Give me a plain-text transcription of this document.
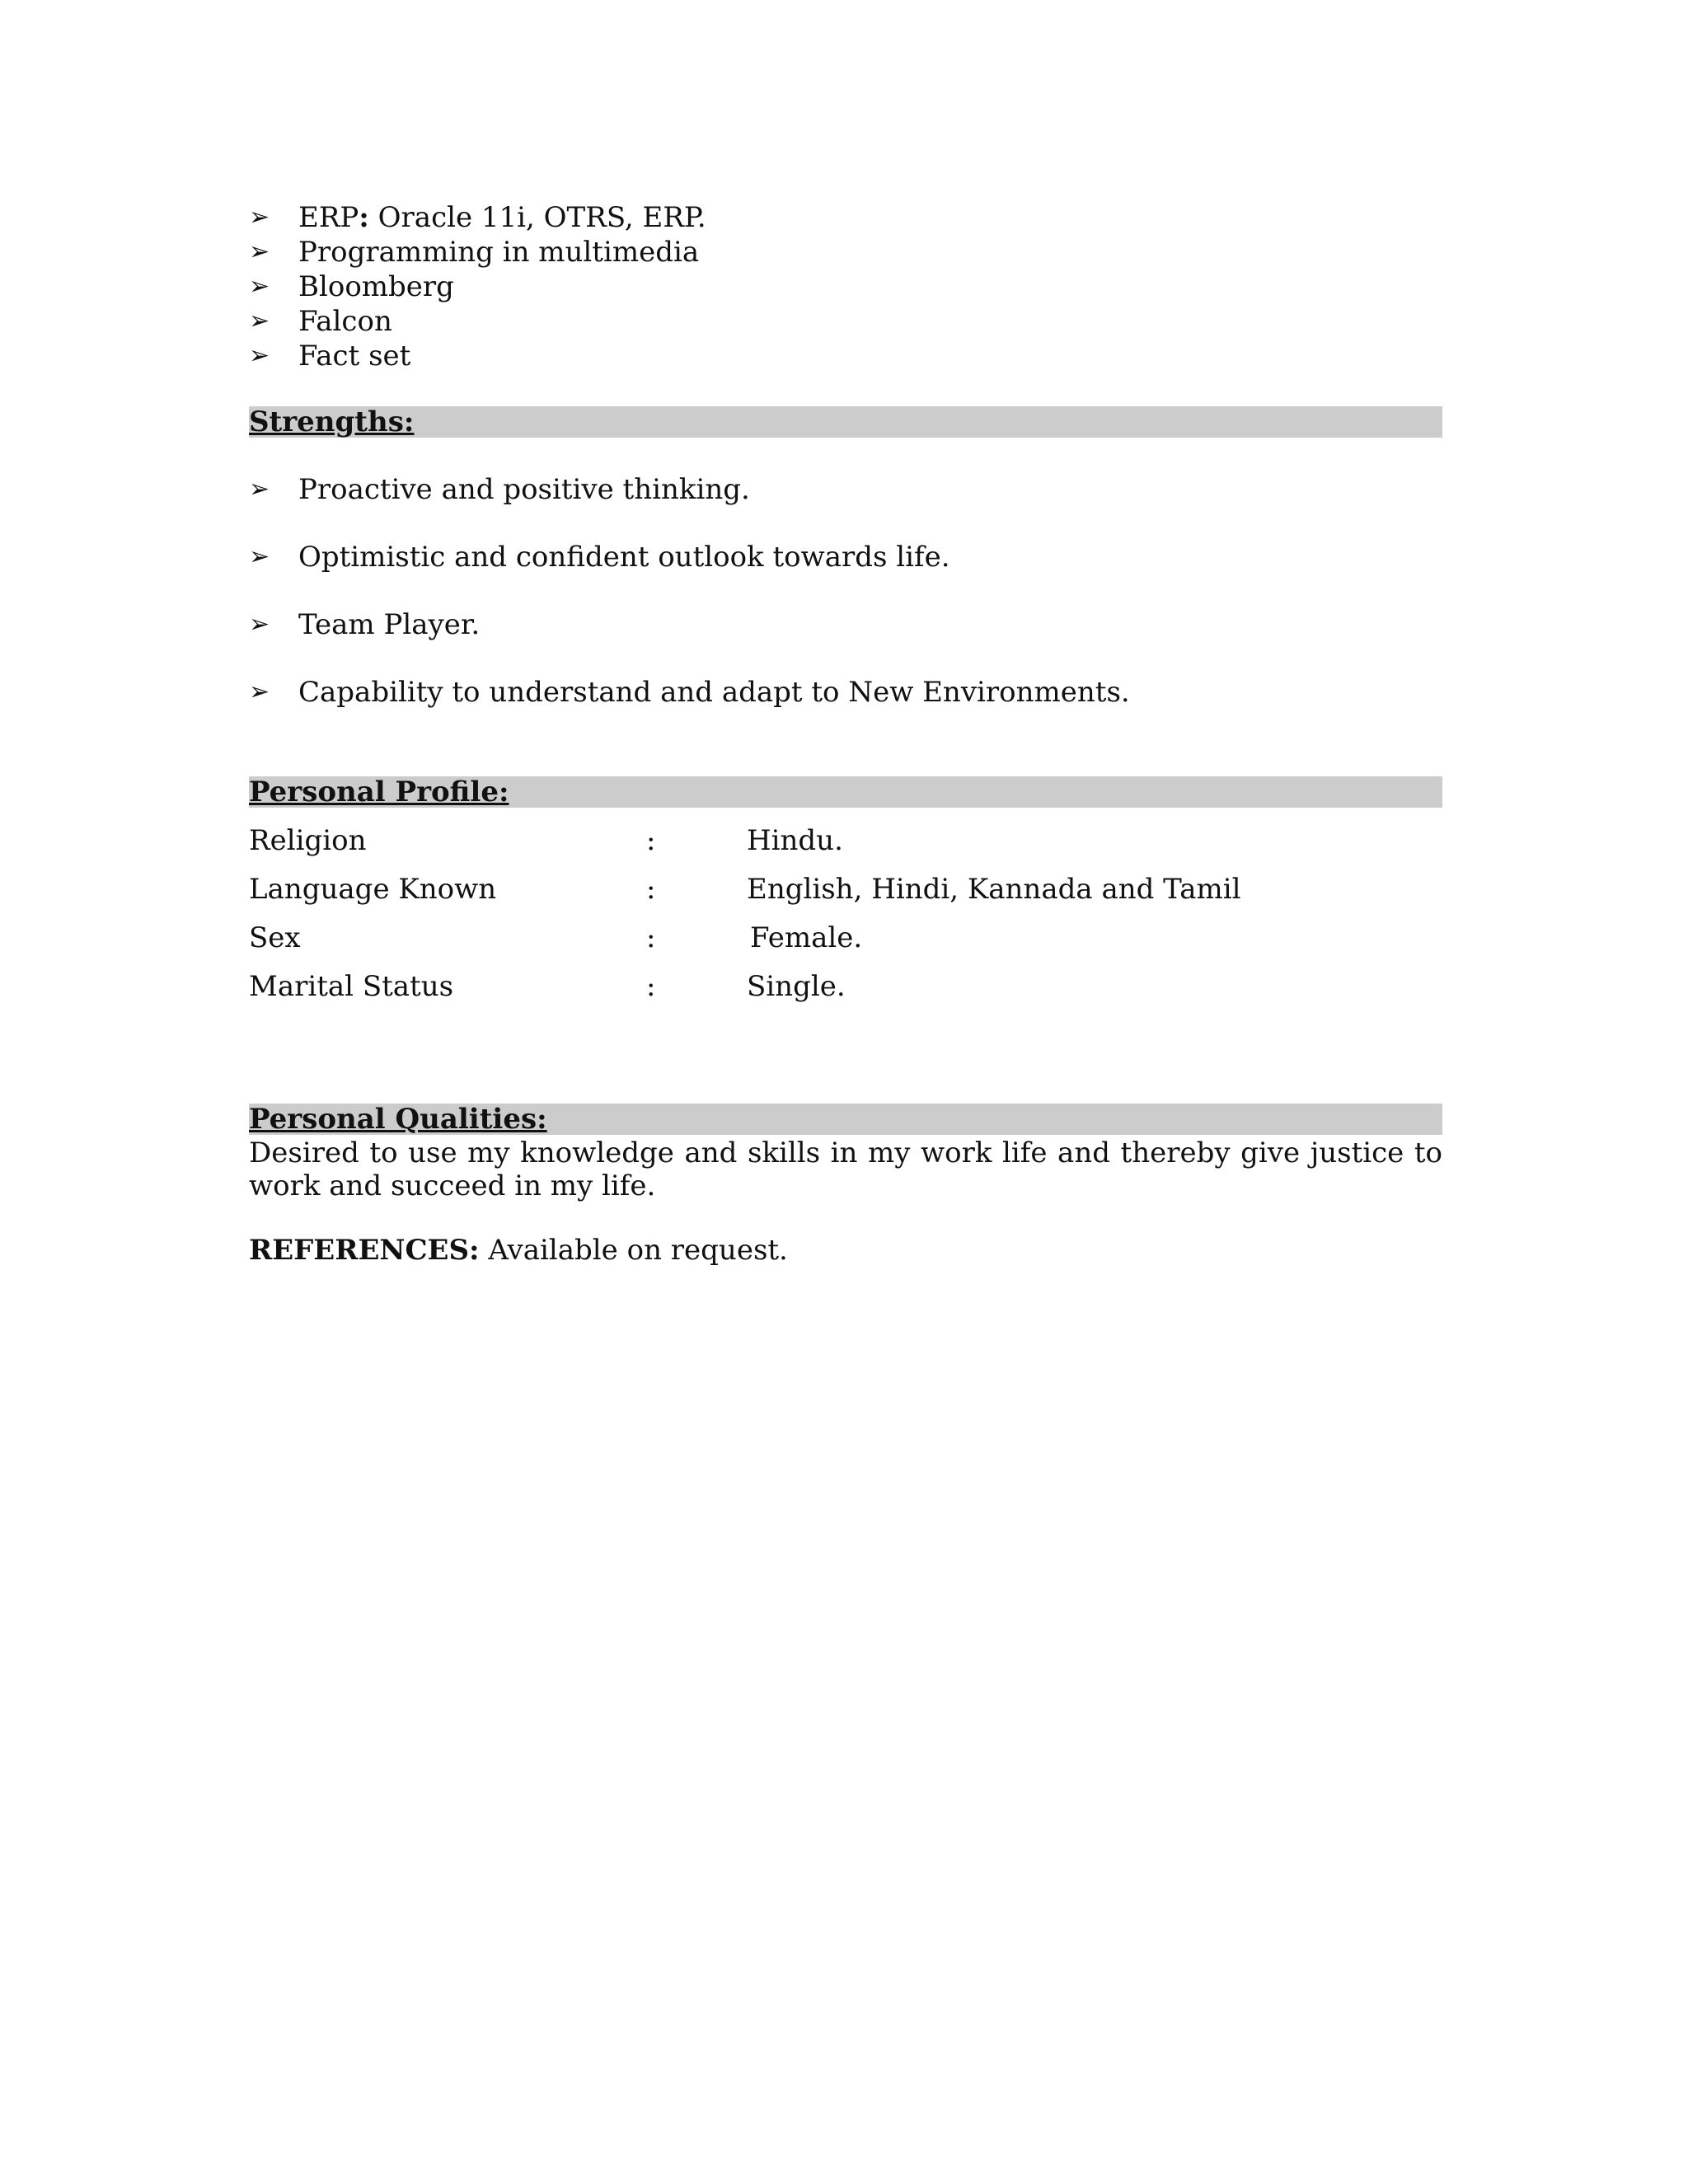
➢ ERP: Oracle 11i, OTRS, ERP.
➢ Programming in multimedia
➢ Bloomberg
➢ Falcon
➢ Fact set
Strengths:
➢ Proactive and positive thinking.
➢ Optimistic and confident outlook towards life.
➢ Team Player.
➢ Capability to understand and adapt to New Environments.
Personal Profile:
Religion	:	Hindu.
Language Known	:	English, Hindi, Kannada and Tamil
Sex	:	Female.
Marital Status	:	Single.
Personal Qualities:
Desired to use my knowledge and skills in my work life and thereby give justice to work and succeed in my life.
REFERENCES: Available on request.
